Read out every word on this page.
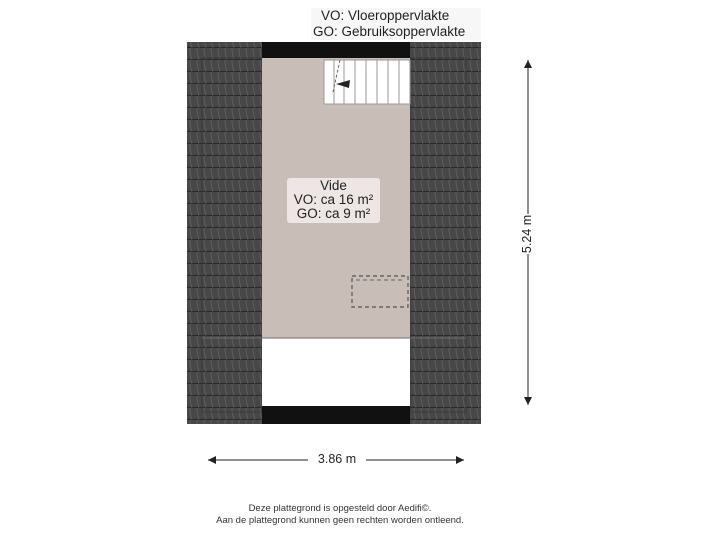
VO: Vloeroppervlakte
GO: Gebruiksoppervlakte
Vide
VO: ca 16 m²
GO: ca 9 m²
3.86 m
5.24 m
Deze plattegrond is opgesteld door Aedifi©.
Aan de plattegrond kunnen geen rechten worden ontleend.
